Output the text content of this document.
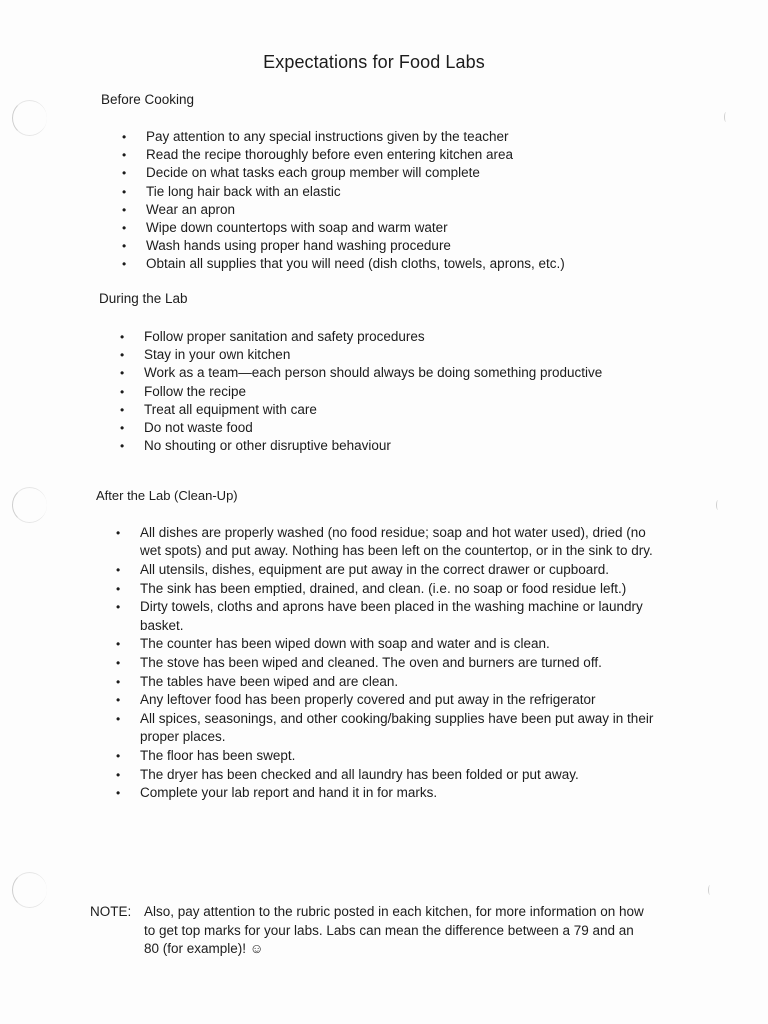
Expectations for Food Labs
Before Cooking
• Pay attention to any special instructions given by the teacher
• Read the recipe thoroughly before even entering kitchen area
• Decide on what tasks each group member will complete
• Tie long hair back with an elastic
• Wear an apron
• Wipe down countertops with soap and warm water
• Wash hands using proper hand washing procedure
• Obtain all supplies that you will need (dish cloths, towels, aprons, etc.)
During the Lab
• Follow proper sanitation and safety procedures
• Stay in your own kitchen
• Work as a team—each person should always be doing something productive
• Follow the recipe
• Treat all equipment with care
• Do not waste food
• No shouting or other disruptive behaviour
After the Lab (Clean-Up)
• All dishes are properly washed (no food residue; soap and hot water used), dried (no wet spots) and put away. Nothing has been left on the countertop, or in the sink to dry.
• All utensils, dishes, equipment are put away in the correct drawer or cupboard.
• The sink has been emptied, drained, and clean. (i.e. no soap or food residue left.)
• Dirty towels, cloths and aprons have been placed in the washing machine or laundry basket.
• The counter has been wiped down with soap and water and is clean.
• The stove has been wiped and cleaned. The oven and burners are turned off.
• The tables have been wiped and are clean.
• Any leftover food has been properly covered and put away in the refrigerator
• All spices, seasonings, and other cooking/baking supplies have been put away in their proper places.
• The floor has been swept.
• The dryer has been checked and all laundry has been folded or put away.
• Complete your lab report and hand it in for marks.
NOTE: Also, pay attention to the rubric posted in each kitchen, for more information on how to get top marks for your labs. Labs can mean the difference between a 79 and an 80 (for example)! ☺
